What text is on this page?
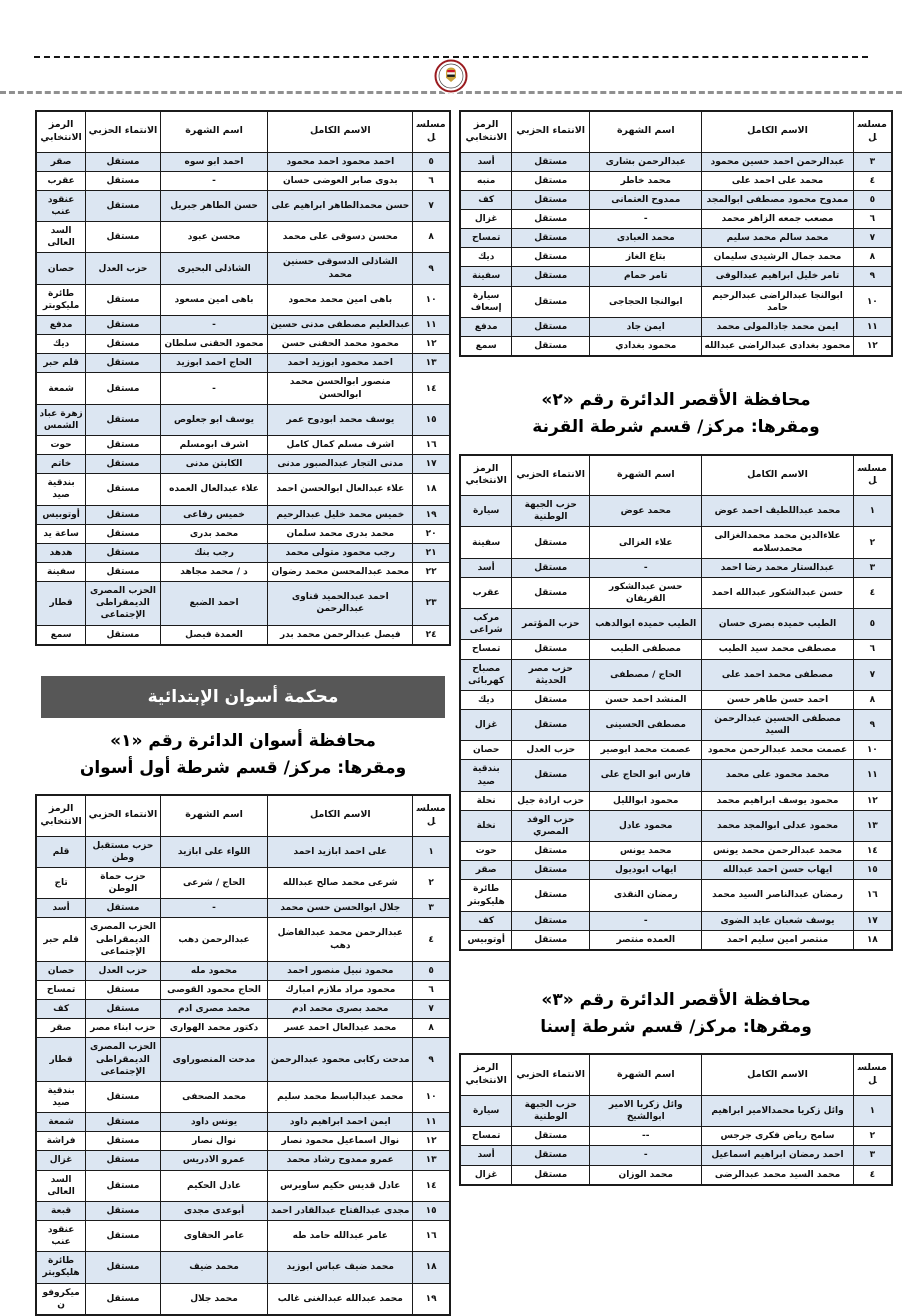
مسلسل	الاسم الكامل	اسم الشهرة	الانتماء الحزبي	الرمز الانتخابي
٣	عبدالرحمن احمد حسين محمود	عبدالرحمن بشارى	مستقل	أسد
٤	محمد على احمد على	محمد خاطر	مستقل	منبه
٥	ممدوح محمود مصطفى ابوالمجد	ممدوح العتمانى	مستقل	كف
٦	مصعب جمعه الزاهر محمد	-	مستقل	غزال
٧	محمد سالم محمد سليم	محمد العبادى	مستقل	تمساح
٨	محمد جمال الرشيدى سليمان	بتاع الغاز	مستقل	ديك
٩	تامر خليل ابراهيم عبدالوفى	تامر حمام	مستقل	سفينة
١٠	ابوالنجا عبدالراضى عبدالرحيم حامد	ابوالنجا الحجاجى	مستقل	سيارة إسعاف
١١	ايمن محمد جادالمولى محمد	ايمن جاد	مستقل	مدفع
١٢	محمود بغدادى عبدالراضى عبدالله	محمود بغدادي	مستقل	سمع
محافظة الأقصر الدائرة رقم «٢»
ومقرها: مركز/ قسم شرطة القرنة
مسلسل	الاسم الكامل	اسم الشهرة	الانتماء الحزبي	الرمز الانتخابي
١	محمد عبداللطيف احمد عوض	محمد عوض	حزب الجبهة الوطنية	سيارة
٢	علاءالدين محمد محمدالغزالى محمدسلامه	علاء الغزالى	مستقل	سفينة
٣	عبدالستار محمد رضا احمد	-	مستقل	أسد
٤	حسن عبدالشكور عبدالله احمد	حسن عبدالشكور القريفان	مستقل	عقرب
٥	الطيب حميده بصرى حسان	الطيب حميده ابوالدهب	حزب المؤتمر	مركب شراعى
٦	مصطفى محمد سيد الطيب	مصطفى الطيب	مستقل	تمساح
٧	مصطفى محمد احمد على	الحاج / مصطفى	حزب مصر الحديثة	مصباح كهربائى
٨	احمد حسن طاهر حسن	المنشد احمد حسن	مستقل	ديك
٩	مصطفى الحسين عبدالرحمن السيد	مصطفى الحسينى	مستقل	غزال
١٠	عصمت محمد عبدالرحمن محمود	عصمت محمد ابوصير	حزب العدل	حصان
١١	محمد محمود على محمد	فارس ابو الحاج على	مستقل	بندقية صيد
١٢	محمود يوسف ابراهيم محمد	محمود ابوالليل	حزب ارادة جيل	نحلة
١٣	محمود عدلى ابوالمجد محمد	محمود عادل	حزب الوفد المصري	نخلة
١٤	محمد عبدالرحمن محمد يونس	محمد يونس	مستقل	حوت
١٥	ايهاب حسن احمد عبدالله	ايهاب ابوديول	مستقل	صقر
١٦	رمضان عبدالناصر السيد محمد	رمضان النقذى	مستقل	طائرة هليكوبتر
١٧	يوسف شعبان عايد الضوى	-	مستقل	كف
١٨	منتصر امين سليم احمد	العمده منتصر	مستقل	أوتوبيس
محافظة الأقصر الدائرة رقم «٣»
ومقرها: مركز/ قسم شرطة إسنا
مسلسل	الاسم الكامل	اسم الشهرة	الانتماء الحزبي	الرمز الانتخابي
١	وائل زكريا محمدالامير ابراهيم	وائل زكريا الامير ابوالشيخ	حزب الجبهة الوطنية	سيارة
٢	سامح رياض فكرى جرجس	--	مستقل	تمساح
٣	احمد رمضان ابراهيم اسماعيل	-	مستقل	أسد
٤	محمد السيد محمد عبدالرضى	محمد الوزان	مستقل	غزال
مسلسل	الاسم الكامل	اسم الشهرة	الانتماء الحزبي	الرمز الانتخابي
٥	احمد محمود احمد محمود	احمد ابو سوه	مستقل	صقر
٦	بدوى صابر العوضى حسان	-	مستقل	عقرب
٧	حسن محمدالطاهر ابراهيم على	حسن الطاهر جبريل	مستقل	عنقود عنب
٨	محسن دسوقى على محمد	محسن عبود	مستقل	السد العالى
٩	الشاذلى الدسوقى حسنين محمد	الشاذلى البحيرى	حزب العدل	حصان
١٠	باهى امين محمد محمود	باهى امين مسعود	مستقل	طائرة مليكوبتر
١١	عبدالعليم مصطفى مدنى حسين	-	مستقل	مدفع
١٢	محمود محمد الحفنى حسن	محمود الحقنى سلطان	مستقل	ديك
١٣	احمد محمود ابوزيد احمد	الحاج احمد ابوزيد	مستقل	قلم حبر
١٤	منصور ابوالحسن محمد ابوالحسن	-	مستقل	شمعة
١٥	يوسف محمد ابودوح عمر	يوسف ابو جعلوص	مستقل	زهرة عباد الشمس
١٦	اشرف مسلم كمال كامل	اشرف ابومسلم	مستقل	حوت
١٧	مدنى التجار عبدالصبور مدنى	الكابتن مدنى	مستقل	خاتم
١٨	علاء عبدالعال ابوالحسن احمد	علاء عبدالعال العمده	مستقل	بندقية صيد
١٩	خميس محمد خليل عبدالرحيم	خميس رفاعى	مستقل	أوتوبيس
٢٠	محمد بدرى محمد سلمان	محمد بدرى	مستقل	ساعة يد
٢١	رجب محمود متولى محمد	رجب بنك	مستقل	هدهد
٢٢	محمد عبدالمحسن محمد رضوان	د / محمد مجاهد	مستقل	سفينة
٢٣	احمد عبدالحميد قناوى عبدالرحمن	احمد الضبع	الحزب المصرى الديمقراطى الإجتماعى	قطار
٢٤	فيصل عبدالرحمن محمد بدر	العمدة فيصل	مستقل	سمع
محكمة أسوان الإبتدائية
محافظة أسوان الدائرة رقم «١»
ومقرها: مركز/ قسم شرطة أول أسوان
مسلسل	الاسم الكامل	اسم الشهرة	الانتماء الحزبي	الرمز الانتخابي
١	على احمد ابازيد احمد	اللواء على ابازيد	حزب مستقبل وطن	قلم
٢	شرعى محمد صالح عبدالله	الحاج / شرعى	حزب حماة الوطن	تاج
٣	جلال ابوالحسن حسن محمد	-	مستقل	أسد
٤	عبدالرحمن محمد عبدالفاضل دهب	عبدالرحمن دهب	الحزب المصرى الديمقراطى الإجتماعى	قلم حبر
٥	محمود نبيل منصور احمد	محمود مله	حزب العدل	حصان
٦	محمود مراد ملازم امبارك	الحاج محمود القوصى	مستقل	تمساح
٧	محمد بصرى محمد ادم	محمد مصرى ادم	مستقل	كف
٨	محمد عبدالعال احمد عسر	دكتور محمد الهوارى	حزب ابناء مصر	صقر
٩	مدحت ركابى محمود عبدالرحمن	مدحت المنصوراوى	الحزب المصرى الديمقراطى الإجتماعى	قطار
١٠	محمد عبدالباسط محمد سليم	محمد الصحفى	مستقل	بندقية صيد
١١	ايمن احمد ابراهيم داود	يونس داود	مستقل	شمعة
١٢	نوال اسماعيل محمود نصار	نوال نصار	مستقل	فراشة
١٣	عمرو ممدوح رشاد محمد	عمرو الادريس	مستقل	غزال
١٤	عادل قديس حكيم ساويرس	عادل الحكيم	مستقل	السد العالى
١٥	مجدى عبدالفتاح عبدالقادر احمد	أبوعدى مجدى	مستقل	قبعة
١٦	عامر عبدالله حامد طه	عامر الحقاوى	مستقل	عنقود عنب
١٨	محمد ضيف عباس ابوزيد	محمد ضيف	مستقل	طائرة هليكوبتر
١٩	محمد عبدالله عبدالغنى غالب	محمد جلال	مستقل	ميكروفون
